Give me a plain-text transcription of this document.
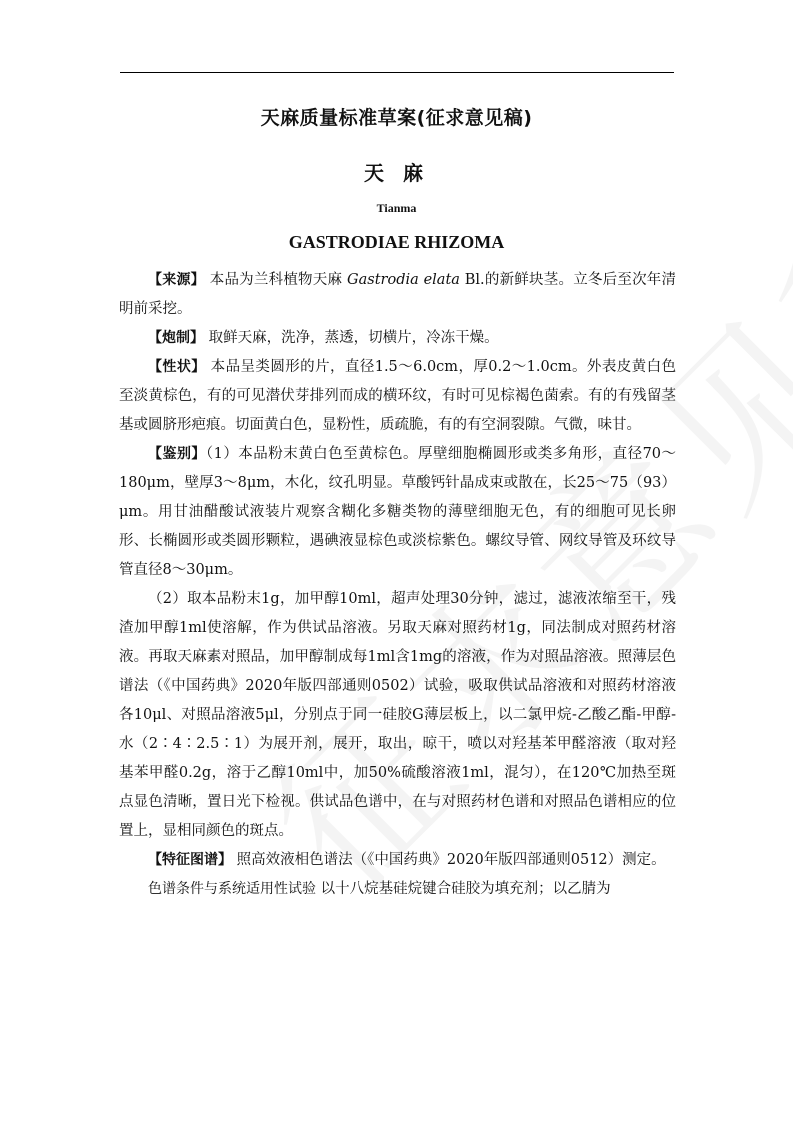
天麻质量标准草案(征求意见稿)
天 麻
Tianma
GASTRODIAE RHIZOMA

【来源】 本品为兰科植物天麻 Gastrodia elata Bl.的新鲜块茎。立冬后至次年清明前采挖。

【炮制】 取鲜天麻，洗净，蒸透，切横片，冷冻干燥。

【性状】 本品呈类圆形的片，直径1.5～6.0cm，厚0.2～1.0cm。外表皮黄白色至淡黄棕色，有的可见潜伏芽排列而成的横环纹，有时可见棕褐色菌索。有的有残留茎基或圆脐形疤痕。切面黄白色，显粉性，质疏脆，有的有空洞裂隙。气微，味甘。

【鉴别】（1）本品粉末黄白色至黄棕色。厚壁细胞椭圆形或类多角形，直径70～180μm，壁厚3～8μm，木化，纹孔明显。草酸钙针晶成束或散在，长25～75（93）μm。用甘油醋酸试液装片观察含糊化多糖类物的薄壁细胞无色，有的细胞可见长卵形、长椭圆形或类圆形颗粒，遇碘液显棕色或淡棕紫色。螺纹导管、网纹导管及环纹导管直径8～30μm。

（2）取本品粉末1g，加甲醇10ml，超声处理30分钟，滤过，滤液浓缩至干，残渣加甲醇1ml使溶解，作为供试品溶液。另取天麻对照药材1g，同法制成对照药材溶液。再取天麻素对照品，加甲醇制成每1ml含1mg的溶液，作为对照品溶液。照薄层色谱法（《中国药典》2020年版四部通则0502）试验，吸取供试品溶液和对照药材溶液各10μl、对照品溶液5μl，分别点于同一硅胶G薄层板上，以二氯甲烷-乙酸乙酯-甲醇-水（2∶4∶2.5∶1）为展开剂，展开，取出，晾干，喷以对羟基苯甲醛溶液（取对羟基苯甲醛0.2g，溶于乙醇10ml中，加50%硫酸溶液1ml，混匀），在120℃加热至斑点显色清晰，置日光下检视。供试品色谱中，在与对照药材色谱和对照品色谱相应的位置上，显相同颜色的斑点。

【特征图谱】 照高效液相色谱法（《中国药典》2020年版四部通则0512）测定。

色谱条件与系统适用性试验 以十八烷基硅烷键合硅胶为填充剂；以乙腈为
